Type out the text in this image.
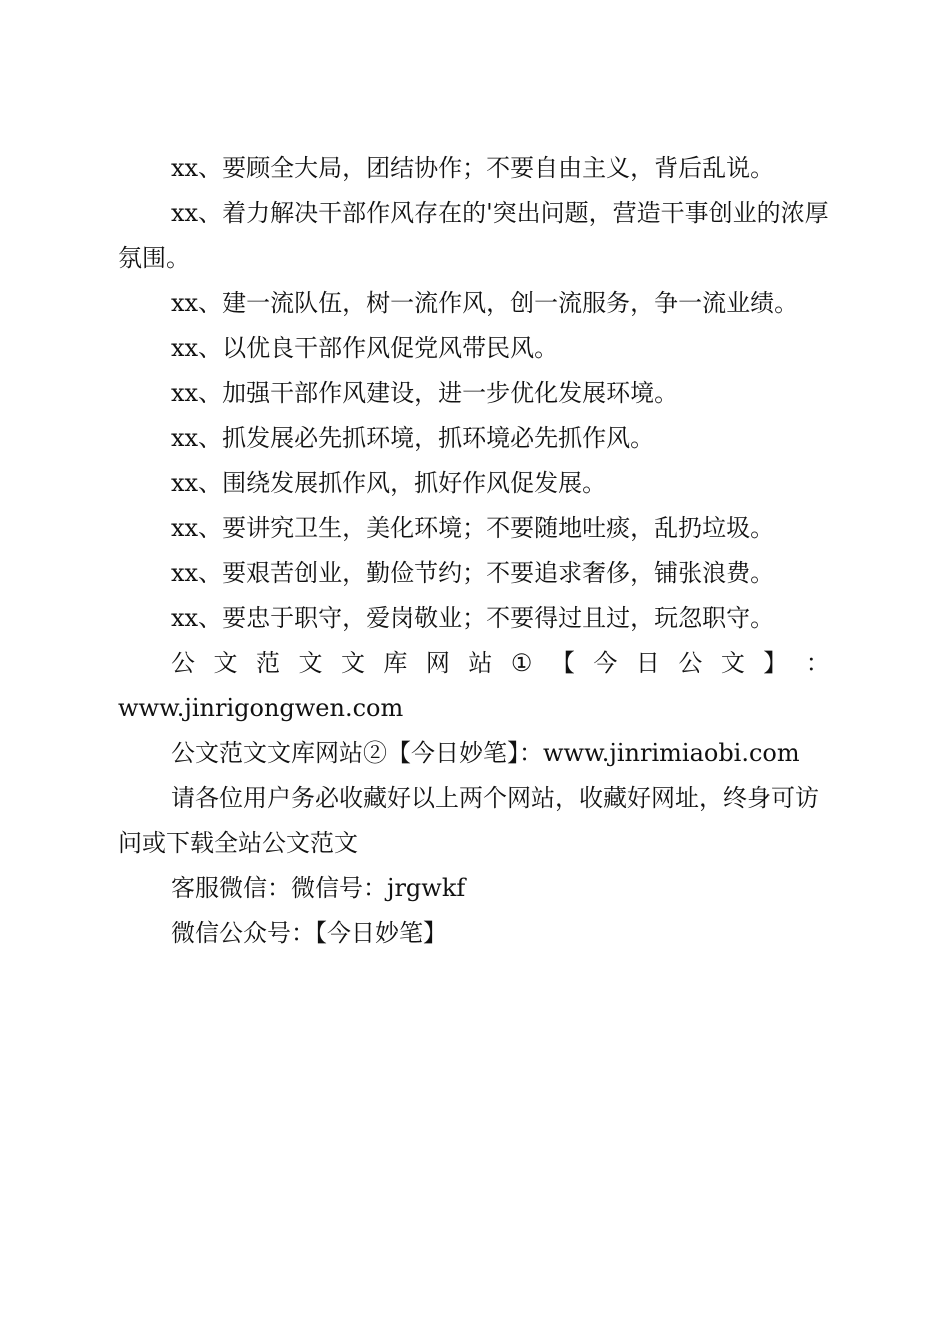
xx、要顾全大局，团结协作；不要自由主义，背后乱说。

xx、着力解决干部作风存在的'突出问题，营造干事创业的浓厚氛围。

xx、建一流队伍，树一流作风，创一流服务，争一流业绩。

xx、以优良干部作风促党风带民风。

xx、加强干部作风建设，进一步优化发展环境。

xx、抓发展必先抓环境，抓环境必先抓作风。

xx、围绕发展抓作风，抓好作风促发展。

xx、要讲究卫生，美化环境；不要随地吐痰，乱扔垃圾。

xx、要艰苦创业，勤俭节约；不要追求奢侈，铺张浪费。

xx、要忠于职守，爱岗敬业；不要得过且过，玩忽职守。

公 文 范 文 文 库 网 站 ① 【 今 日 公 文 】 ：
www.jinrigongwen.com

公文范文文库网站②【今日妙笔】：www.jinrimiaobi.com

请各位用户务必收藏好以上两个网站，收藏好网址，终身可访问或下载全站公文范文

客服微信：微信号：jrgwkf

微信公众号：【今日妙笔】
